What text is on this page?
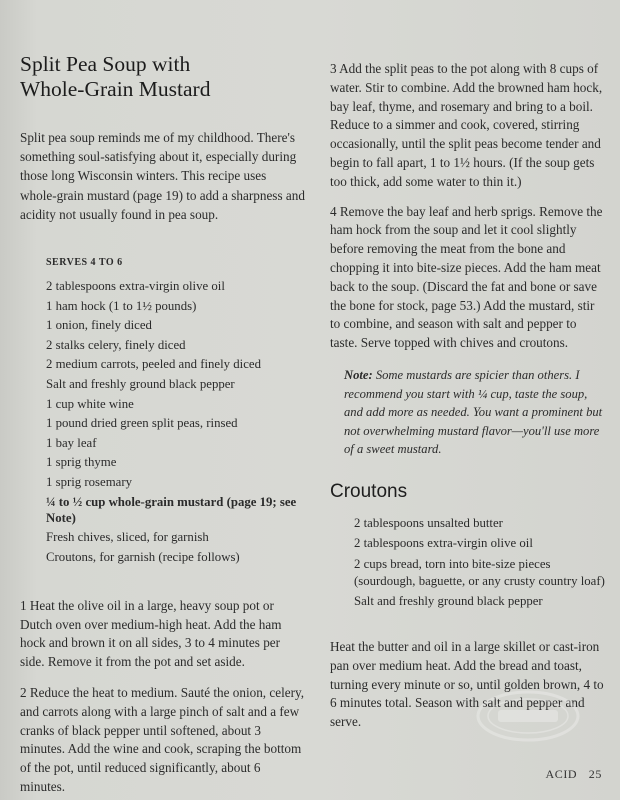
Split Pea Soup with
Whole-Grain Mustard

Split pea soup reminds me of my childhood. There's something soul-satisfying about it, especially during those long Wisconsin winters. This recipe uses whole-grain mustard (page 19) to add a sharpness and acidity not usually found in pea soup.

SERVES 4 TO 6
2 tablespoons extra-virgin olive oil
1 ham hock (1 to 1½ pounds)
1 onion, finely diced
2 stalks celery, finely diced
2 medium carrots, peeled and finely diced
Salt and freshly ground black pepper
1 cup white wine
1 pound dried green split peas, rinsed
1 bay leaf
1 sprig thyme
1 sprig rosemary
¼ to ½ cup whole-grain mustard (page 19; see Note)
Fresh chives, sliced, for garnish
Croutons, for garnish (recipe follows)

1 Heat the olive oil in a large, heavy soup pot or Dutch oven over medium-high heat. Add the ham hock and brown it on all sides, 3 to 4 minutes per side. Remove it from the pot and set aside.

2 Reduce the heat to medium. Sauté the onion, celery, and carrots along with a large pinch of salt and a few cranks of black pepper until softened, about 3 minutes. Add the wine and cook, scraping the bottom of the pot, until reduced significantly, about 6 minutes.

3 Add the split peas to the pot along with 8 cups of water. Stir to combine. Add the browned ham hock, bay leaf, thyme, and rosemary and bring to a boil. Reduce to a simmer and cook, covered, stirring occasionally, until the split peas become tender and begin to fall apart, 1 to 1½ hours. (If the soup gets too thick, add some water to thin it.)

4 Remove the bay leaf and herb sprigs. Remove the ham hock from the soup and let it cool slightly before removing the meat from the bone and chopping it into bite-size pieces. Add the ham meat back to the soup. (Discard the fat and bone or save the bone for stock, page 53.) Add the mustard, stir to combine, and season with salt and pepper to taste. Serve topped with chives and croutons.

Note: Some mustards are spicier than others. I recommend you start with ¼ cup, taste the soup, and add more as needed. You want a prominent but not overwhelming mustard flavor—you'll use more of a sweet mustard.

Croutons
2 tablespoons unsalted butter
2 tablespoons extra-virgin olive oil
2 cups bread, torn into bite-size pieces (sourdough, baguette, or any crusty country loaf)
Salt and freshly ground black pepper

Heat the butter and oil in a large skillet or cast-iron pan over medium heat. Add the bread and toast, turning every minute or so, until golden brown, 4 to 6 minutes total. Season with salt and pepper and serve.

ACID 25
